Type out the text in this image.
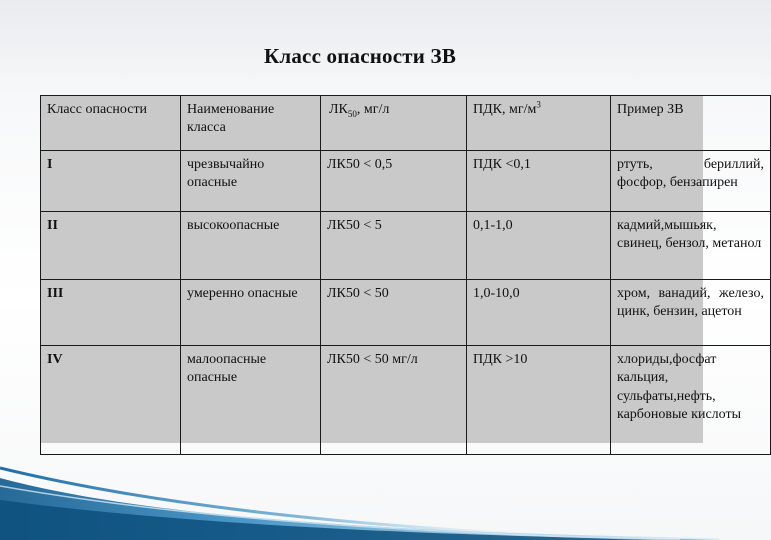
Класс опасности ЗВ
Класс опасности	Наименование класса	$ЛК_{50}$, мг/л	ПДК, $мг/м^3$	Пример ЗВ
I	чрезвычайно опасные	ЛК50 < 0,5	ПДК <0,1	ртуть, бериллий, фосфор, бензапирен
II	высокоопасные	ЛК50 < 5	0,1-1,0	кадмий,мышьяк, свинец, бензол, метанол
III	умеренно опасные	ЛК50 < 50	1,0-10,0	хром, ванадий, железо, цинк, бензин, ацетон
IV	малоопасные опасные	ЛК50 < 50 мг/л	ПДК >10	хлориды,фосфат кальция, сульфаты,нефть, карбоновые кислоты
